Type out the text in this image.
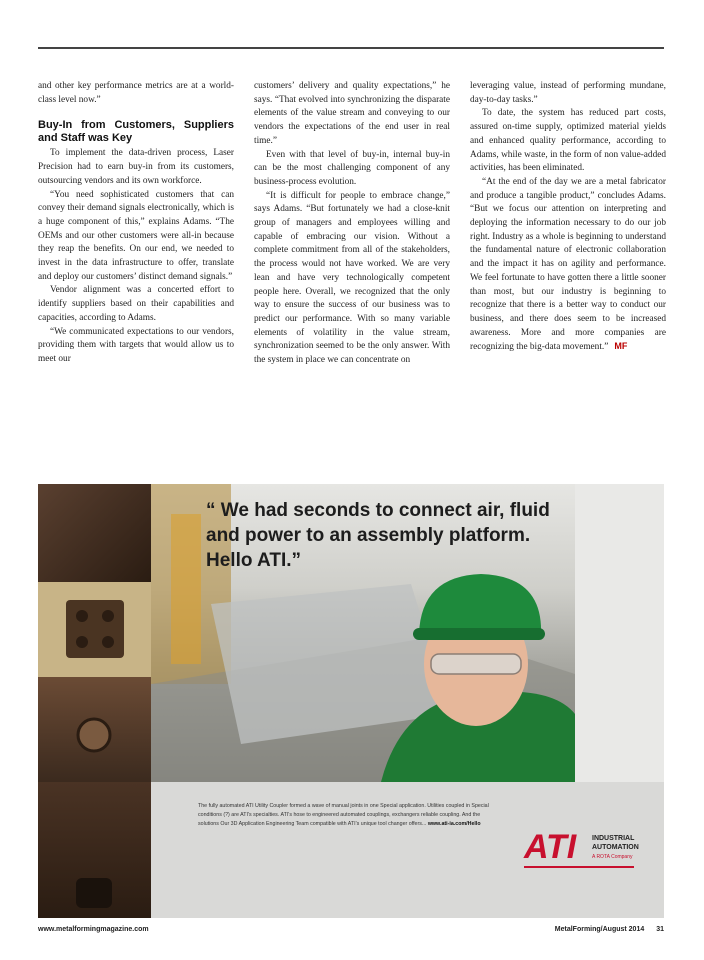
and other key performance metrics are at a world-class level now.”

Buy-In from Customers, Suppliers and Staff was Key

To implement the data-driven process, Laser Precision had to earn buy-in from its customers, outsourcing vendors and its own workforce.

“You need sophisticated customers that can convey their demand signals electronically, which is a huge component of this,” explains Adams. “The OEMs and our other customers were all-in because they reap the benefits. On our end, we needed to invest in the data infrastructure to offer, translate and deploy our customers’ distinct demand signals.”

Vendor alignment was a concerted effort to identify suppliers based on their capabilities and capacities, according to Adams.

“We communicated expectations to our vendors, providing them with targets that would allow us to meet our

customers’ delivery and quality expectations,” he says. “That evolved into synchronizing the disparate elements of the value stream and conveying to our vendors the expectations of the end user in real time.”

Even with that level of buy-in, internal buy-in can be the most challenging component of any business-process evolution.

“It is difficult for people to embrace change,” says Adams. “But fortunately we had a close-knit group of managers and employees willing and capable of embracing our vision. Without a complete commitment from all of the stakeholders, the process would not have worked. We are very lean and have very technologically competent people here. Overall, we recognized that the only way to ensure the success of our business was to predict our performance. With so many variable elements of volatility in the value stream, synchronization seemed to be the only answer. With the system in place we can concentrate on

leveraging value, instead of performing mundane, day-to-day tasks.”

To date, the system has reduced part costs, assured on-time supply, optimized material yields and enhanced quality performance, according to Adams, while waste, in the form of non value-added activities, has been eliminated.

“At the end of the day we are a metal fabricator and produce a tangible product,” concludes Adams. “But we focus our attention on interpreting and deploying the information necessary to do our job right. Industry as a whole is beginning to understand the fundamental nature of electronic collaboration and the impact it has on agility and performance. We feel fortunate to have gotten there a little sooner than most, but our industry is beginning to recognize that there is a better way to conduct our business, and there does seem to be increased awareness. More and more companies are recognizing the big-data movement.” MF

“ We had seconds to connect air, fluid and power to an assembly platform. Hello ATI.”
The fully automated ATI Utility Coupler formed a wave of manual joints in one Special application. Utilities coupled in Special conditions (?) are ATI's specialties. ATI's hose to engineered automated couplings, exchangers reliable coupling. And the solutions Our 3D Application Engineering Team compatible with ATI's unique tool changer offers... www.ati-ia.com/Hello
ATI INDUSTRIAL
AUTOMATION
A ROTA Company
www.metalformingmagazine.com	MetalForming/August 2014 31
